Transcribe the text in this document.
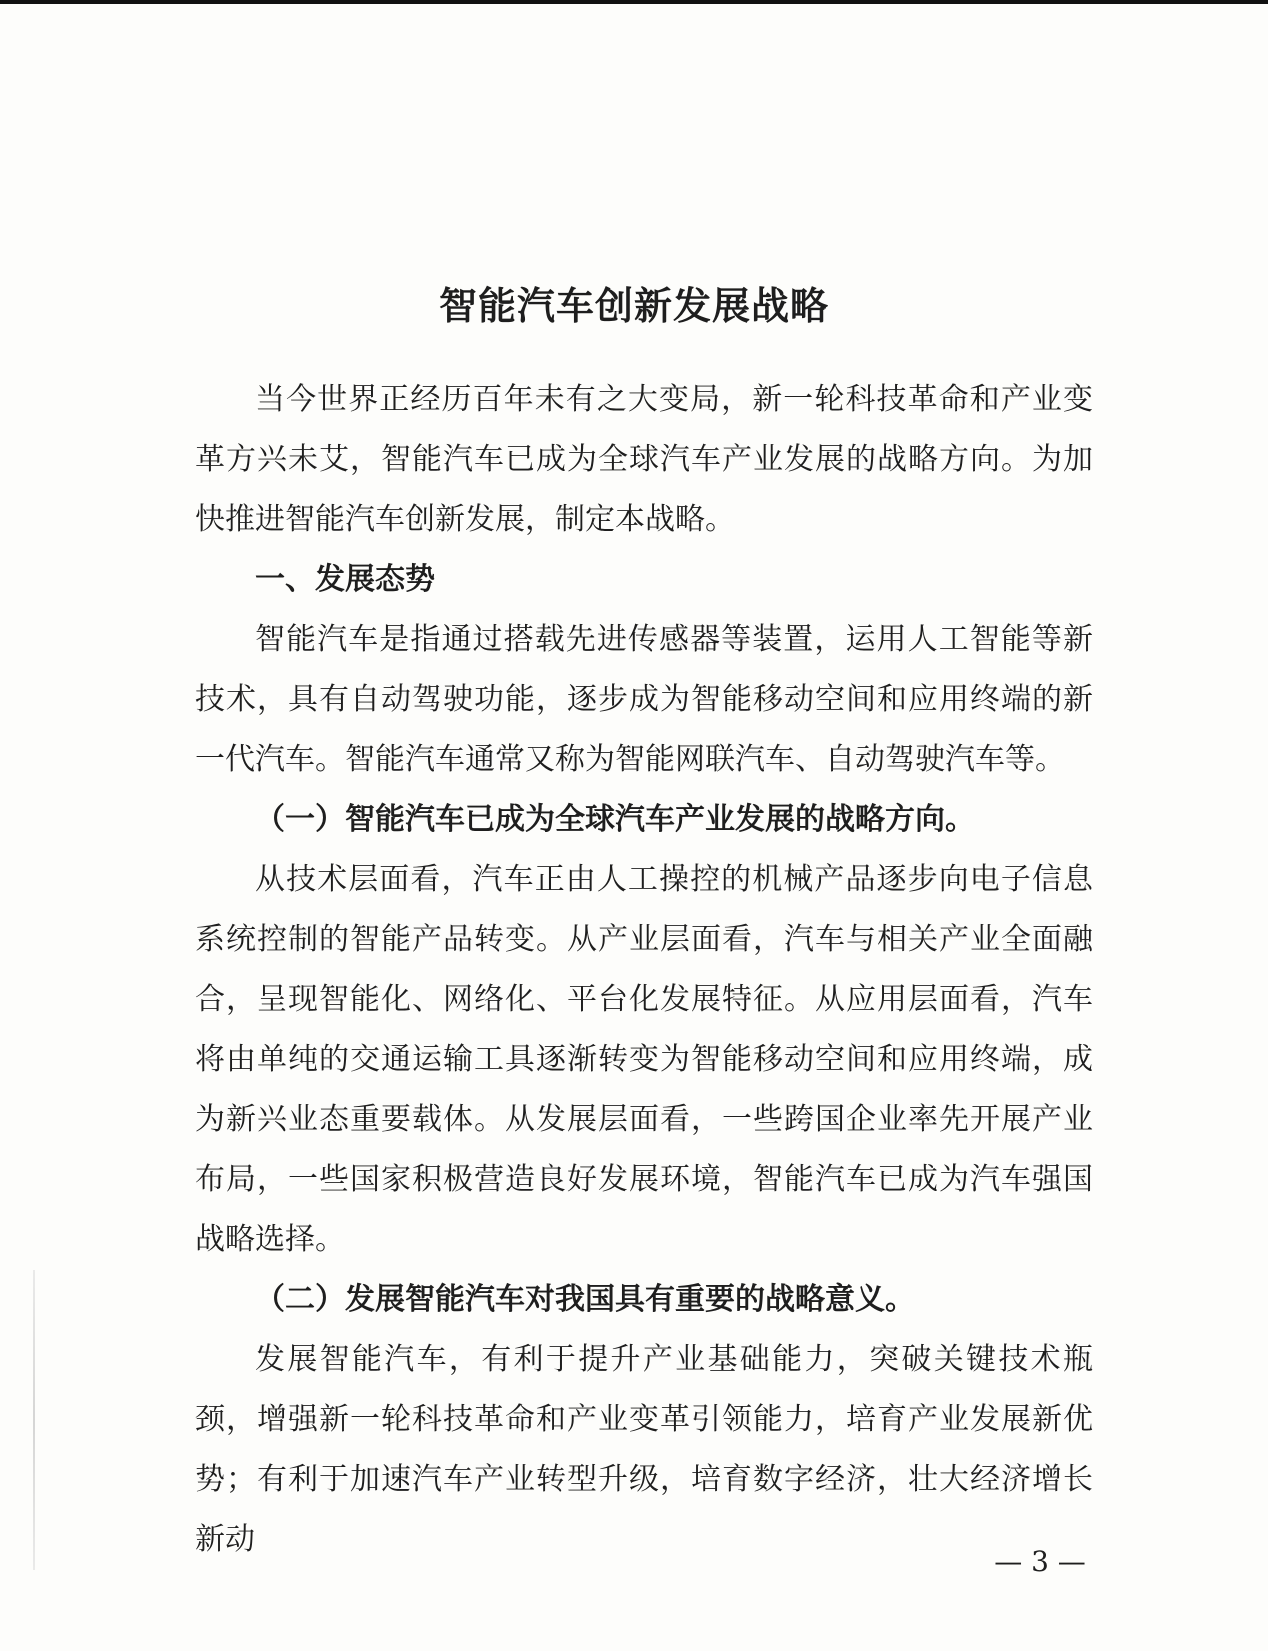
智能汽车创新发展战略

当今世界正经历百年未有之大变局，新一轮科技革命和产业变革方兴未艾，智能汽车已成为全球汽车产业发展的战略方向。为加快推进智能汽车创新发展，制定本战略。

一、发展态势

智能汽车是指通过搭载先进传感器等装置，运用人工智能等新技术，具有自动驾驶功能，逐步成为智能移动空间和应用终端的新一代汽车。智能汽车通常又称为智能网联汽车、自动驾驶汽车等。

（一）智能汽车已成为全球汽车产业发展的战略方向。

从技术层面看，汽车正由人工操控的机械产品逐步向电子信息系统控制的智能产品转变。从产业层面看，汽车与相关产业全面融合，呈现智能化、网络化、平台化发展特征。从应用层面看，汽车将由单纯的交通运输工具逐渐转变为智能移动空间和应用终端，成为新兴业态重要载体。从发展层面看，一些跨国企业率先开展产业布局，一些国家积极营造良好发展环境，智能汽车已成为汽车强国战略选择。

（二）发展智能汽车对我国具有重要的战略意义。

发展智能汽车，有利于提升产业基础能力，突破关键技术瓶颈，增强新一轮科技革命和产业变革引领能力，培育产业发展新优势；有利于加速汽车产业转型升级，培育数字经济，壮大经济增长新动

— 3 —
